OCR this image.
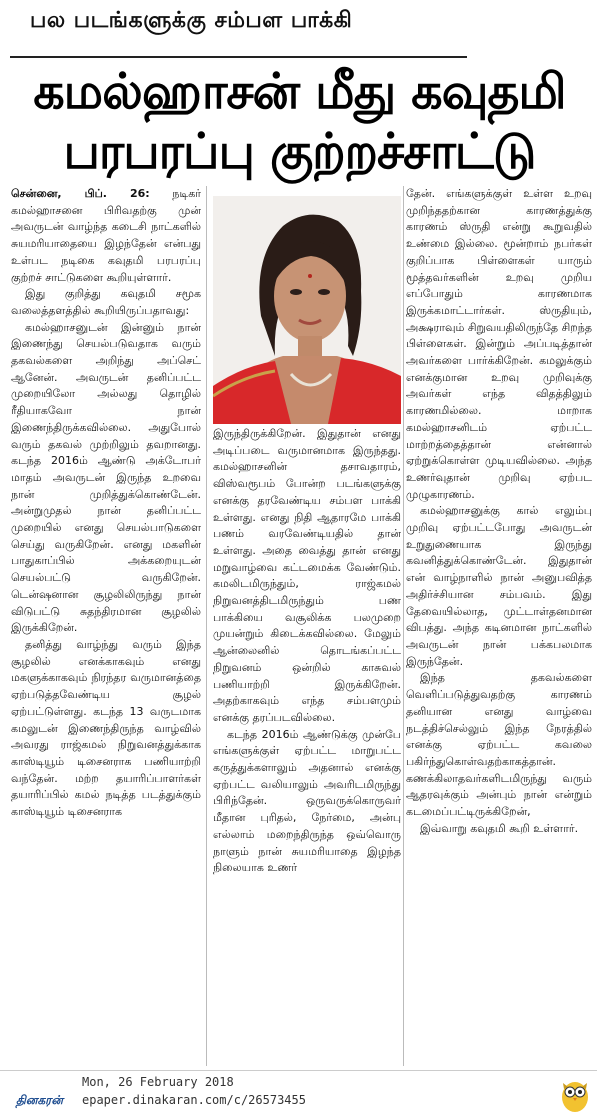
பல படங்களுக்கு சம்பள பாக்கி
கமல்ஹாசன் மீது கவுதமி
பரபரப்பு குற்றச்சாட்டு

சென்னை, பிப். 26: நடிகர் கமல்ஹாசனை பிரிவதற்கு முன் அவருடன் வாழ்ந்த கடைசி நாட்களில் சுயமரியாதையை இழந்தேன் என்பது உள்பட நடிகை கவுதமி பரபரப்பு குற்றச் சாட்டுகளை கூறியுள்ளார்.

இது குறித்து கவுதமி சமூக வலைத்தளத்தில் கூறியிருப்பதாவது:

கமல்ஹாசனுடன் இன்னும் நான் இணைந்து செயல்படுவதாக வரும் தகவல்களை அறிந்து அப்செட் ஆனேன். அவருடன் தனிப்பட்ட முறையிலோ அல்லது தொழில் ரீதியாகவோ நான் இணைந்திருக்கவில்லை. அதுபோல் வரும் தகவல் முற்றிலும் தவறானது. கடந்த 2016ம் ஆண்டு அக்டோபர் மாதம் அவருடன் இருந்த உறவை நான் முறித்துக்கொண்டேன். அன்றுமுதல் நான் தனிப்பட்ட முறையில் எனது செயல்பாடுகளை செய்து வருகிறேன். எனது மகளின் பாதுகாப்பில் அக்கறையுடன் செயல்பட்டு வருகிறேன். டென்ஷனான சூழலிலிருந்து நான் விடுபட்டு சுதந்திரமான சூழலில் இருக்கிறேன்.

தனித்து வாழ்ந்து வரும் இந்த சூழலில் எனக்காகவும் எனது மகளுக்காகவும் நிரந்தர வருமானத்தை ஏற்படுத்தவேண்டிய சூழல் ஏற்பட்டுள்ளது. கடந்த 13 வருடமாக கமலுடன் இணைந்திருந்த வாழ்வில் அவரது ராஜ்கமல் நிறுவனத்துக்காக காஸ்டியூம் டிசைனராக பணியாற்றி வந்தேன். மற்ற தயாரிப்பாளர்கள் தயாரிப்பில் கமல் நடித்த படத்துக்கும் காஸ்டியூம் டிசைனராக

இருந்திருக்கிறேன். இதுதான் எனது அடிப்படை வருமானமாக இருந்தது. கமல்ஹாசனின் தசாவதாரம், விஸ்வரூபம் போன்ற படங்களுக்கு எனக்கு தரவேண்டிய சம்பள பாக்கி உள்ளது. எனது நிதி ஆதாரமே பாக்கி பணம் வரவேண்டியதில் தான் உள்ளது. அதை வைத்து தான் எனது மறுவாழ்வை கட்டமைக்க வேண்டும். கமலிடமிருந்தும், ராஜ்கமல் நிறுவனத்திடமிருந்தும் பண பாக்கியை வசூலிக்க பலமுறை முயன்றும் கிடைக்கவில்லை. மேலும் ஆன்லைனில் தொடங்கப்பட்ட நிறுவனம் ஒன்றில் காசுவல் பணியாற்றி இருக்கிறேன். அதற்காகவும் எந்த சம்பளமும் எனக்கு தரப்படவில்லை.

கடந்த 2016ம் ஆண்டுக்கு முன்பே எங்களுக்குள் ஏற்பட்ட மாறுபட்ட கருத்துக்களாலும் அதனால் எனக்கு ஏற்பட்ட வலியாலும் அவரிடமிருந்து பிரிந்தேன். ஒருவருக்கொருவர் மீதான புரிதல், நேர்மை, அன்பு எல்லாம் மறைந்திருந்த ஒவ்வொரு நாளும் நான் சுயமரியாதை இழந்த நிலையாக உணர்

தேன். எங்களுக்குள் உள்ள உறவு முறிந்ததற்கான காரணத்துக்கு காரணம் ஸ்ருதி என்று கூறுவதில் உண்மை இல்லை. மூன்றாம் நபர்கள் குறிப்பாக பிள்ளைகள் யாரும் மூத்தவர்களின் உறவு முறிய எப்போதும் காரணமாக இருக்கமாட்டார்கள். ஸ்ருதியும், அக்ஷராவும் சிறுவயதிலிருந்தே சிறந்த பிள்ளைகள். இன்றும் அப்படித்தான் அவர்களை பார்க்கிறேன். கமலுக்கும் எனக்குமான உறவு முறிவுக்கு அவர்கள் எந்த விதத்திலும் காரணமில்லை. மாறாக கமல்ஹாசனிடம் ஏற்பட்ட மாற்றத்தைத்தான் என்னால் ஏற்றுக்கொள்ள முடியவில்லை. அந்த உணர்வுதான் முறிவு ஏற்பட முழுகாரணம்.

கமல்ஹாசனுக்கு கால் எலும்பு முறிவு ஏற்பட்டபோது அவருடன் உறுதுணையாக இருந்து கவனித்துக்கொண்டேன். இதுதான் என் வாழ்நாளில் நான் அனுபவித்த அதிர்ச்சியான சம்பவம். இது தேவையில்லாத, முட்டாள்தனமான விபத்து. அந்த கடினமான நாட்களில் அவருடன் நான் பக்கபலமாக இருந்தேன்.

இந்த தகவல்களை வெளிப்படுத்துவதற்கு காரணம் தனியான எனது வாழ்வை நடத்திச்செல்லும் இந்த நேரத்தில் எனக்கு ஏற்பட்ட கவலை பகிர்ந்துகொள்வதற்காகத்தான். கணக்கிலாதவர்களிடமிருந்து வரும் ஆதரவுக்கும் அன்பும் நான் என்றும் கடமைப்பட்டிருக்கிறேன்,

இவ்வாறு கவுதமி கூறி உள்ளார்.

தினகரன்
Mon, 26 February 2018
epaper.dinakaran.com/c/26573455
